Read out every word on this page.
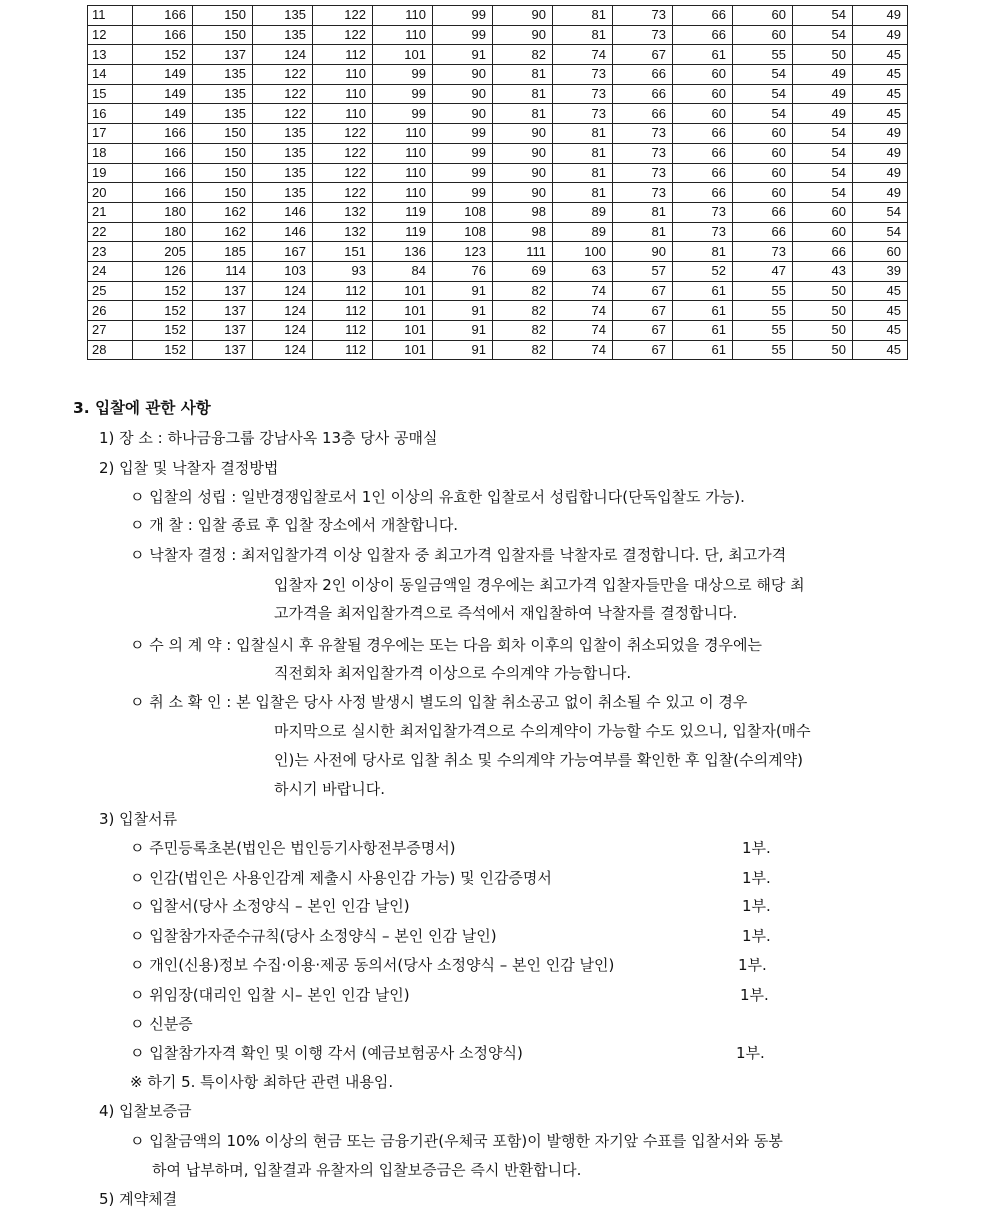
11	166	150	135	122	110	99	90	81	73	66	60	54	49
12	166	150	135	122	110	99	90	81	73	66	60	54	49
13	152	137	124	112	101	91	82	74	67	61	55	50	45
14	149	135	122	110	99	90	81	73	66	60	54	49	45
15	149	135	122	110	99	90	81	73	66	60	54	49	45
16	149	135	122	110	99	90	81	73	66	60	54	49	45
17	166	150	135	122	110	99	90	81	73	66	60	54	49
18	166	150	135	122	110	99	90	81	73	66	60	54	49
19	166	150	135	122	110	99	90	81	73	66	60	54	49
20	166	150	135	122	110	99	90	81	73	66	60	54	49
21	180	162	146	132	119	108	98	89	81	73	66	60	54
22	180	162	146	132	119	108	98	89	81	73	66	60	54
23	205	185	167	151	136	123	111	100	90	81	73	66	60
24	126	114	103	93	84	76	69	63	57	52	47	43	39
25	152	137	124	112	101	91	82	74	67	61	55	50	45
26	152	137	124	112	101	91	82	74	67	61	55	50	45
27	152	137	124	112	101	91	82	74	67	61	55	50	45
28	152	137	124	112	101	91	82	74	67	61	55	50	45
3. 입찰에 관한 사항
1) 장 소 : 하나금융그룹 강남사옥 13층 당사 공매실
2) 입찰 및 낙찰자 결정방법
ㅇ 입찰의 성립 : 일반경쟁입찰로서 1인 이상의 유효한 입찰로서 성립합니다(단독입찰도 가능).
ㅇ 개 찰 : 입찰 종료 후 입찰 장소에서 개찰합니다.
ㅇ 낙찰자 결정 : 최저입찰가격 이상 입찰자 중 최고가격 입찰자를 낙찰자로 결정합니다. 단, 최고가격
입찰자 2인 이상이 동일금액일 경우에는 최고가격 입찰자들만을 대상으로 해당 최
고가격을 최저입찰가격으로 즉석에서 재입찰하여 낙찰자를 결정합니다.
ㅇ 수 의 계 약 : 입찰실시 후 유찰될 경우에는 또는 다음 회차 이후의 입찰이 취소되었을 경우에는
직전회차 최저입찰가격 이상으로 수의계약 가능합니다.
ㅇ 취 소 확 인 : 본 입찰은 당사 사정 발생시 별도의 입찰 취소공고 없이 취소될 수 있고 이 경우
마지막으로 실시한 최저입찰가격으로 수의계약이 가능할 수도 있으니, 입찰자(매수
인)는 사전에 당사로 입찰 취소 및 수의계약 가능여부를 확인한 후 입찰(수의계약)
하시기 바랍니다.
3) 입찰서류
ㅇ 주민등록초본(법인은 법인등기사항전부증명서)	1부.
ㅇ 인감(법인은 사용인감계 제출시 사용인감 가능) 및 인감증명서	1부.
ㅇ 입찰서(당사 소정양식 – 본인 인감 날인)	1부.
ㅇ 입찰참가자준수규칙(당사 소정양식 – 본인 인감 날인)	1부.
ㅇ 개인(신용)정보 수집·이용·제공 동의서(당사 소정양식 – 본인 인감 날인)	1부.
ㅇ 위임장(대리인 입찰 시– 본인 인감 날인)	1부.
ㅇ 신분증
ㅇ 입찰참가자격 확인 및 이행 각서 (예금보험공사 소정양식)	1부.
※ 하기 5. 특이사항 최하단 관련 내용임.
4) 입찰보증금
ㅇ 입찰금액의 10% 이상의 현금 또는 금융기관(우체국 포함)이 발행한 자기앞 수표를 입찰서와 동봉
하여 납부하며, 입찰결과 유찰자의 입찰보증금은 즉시 반환합니다.
5) 계약체결
